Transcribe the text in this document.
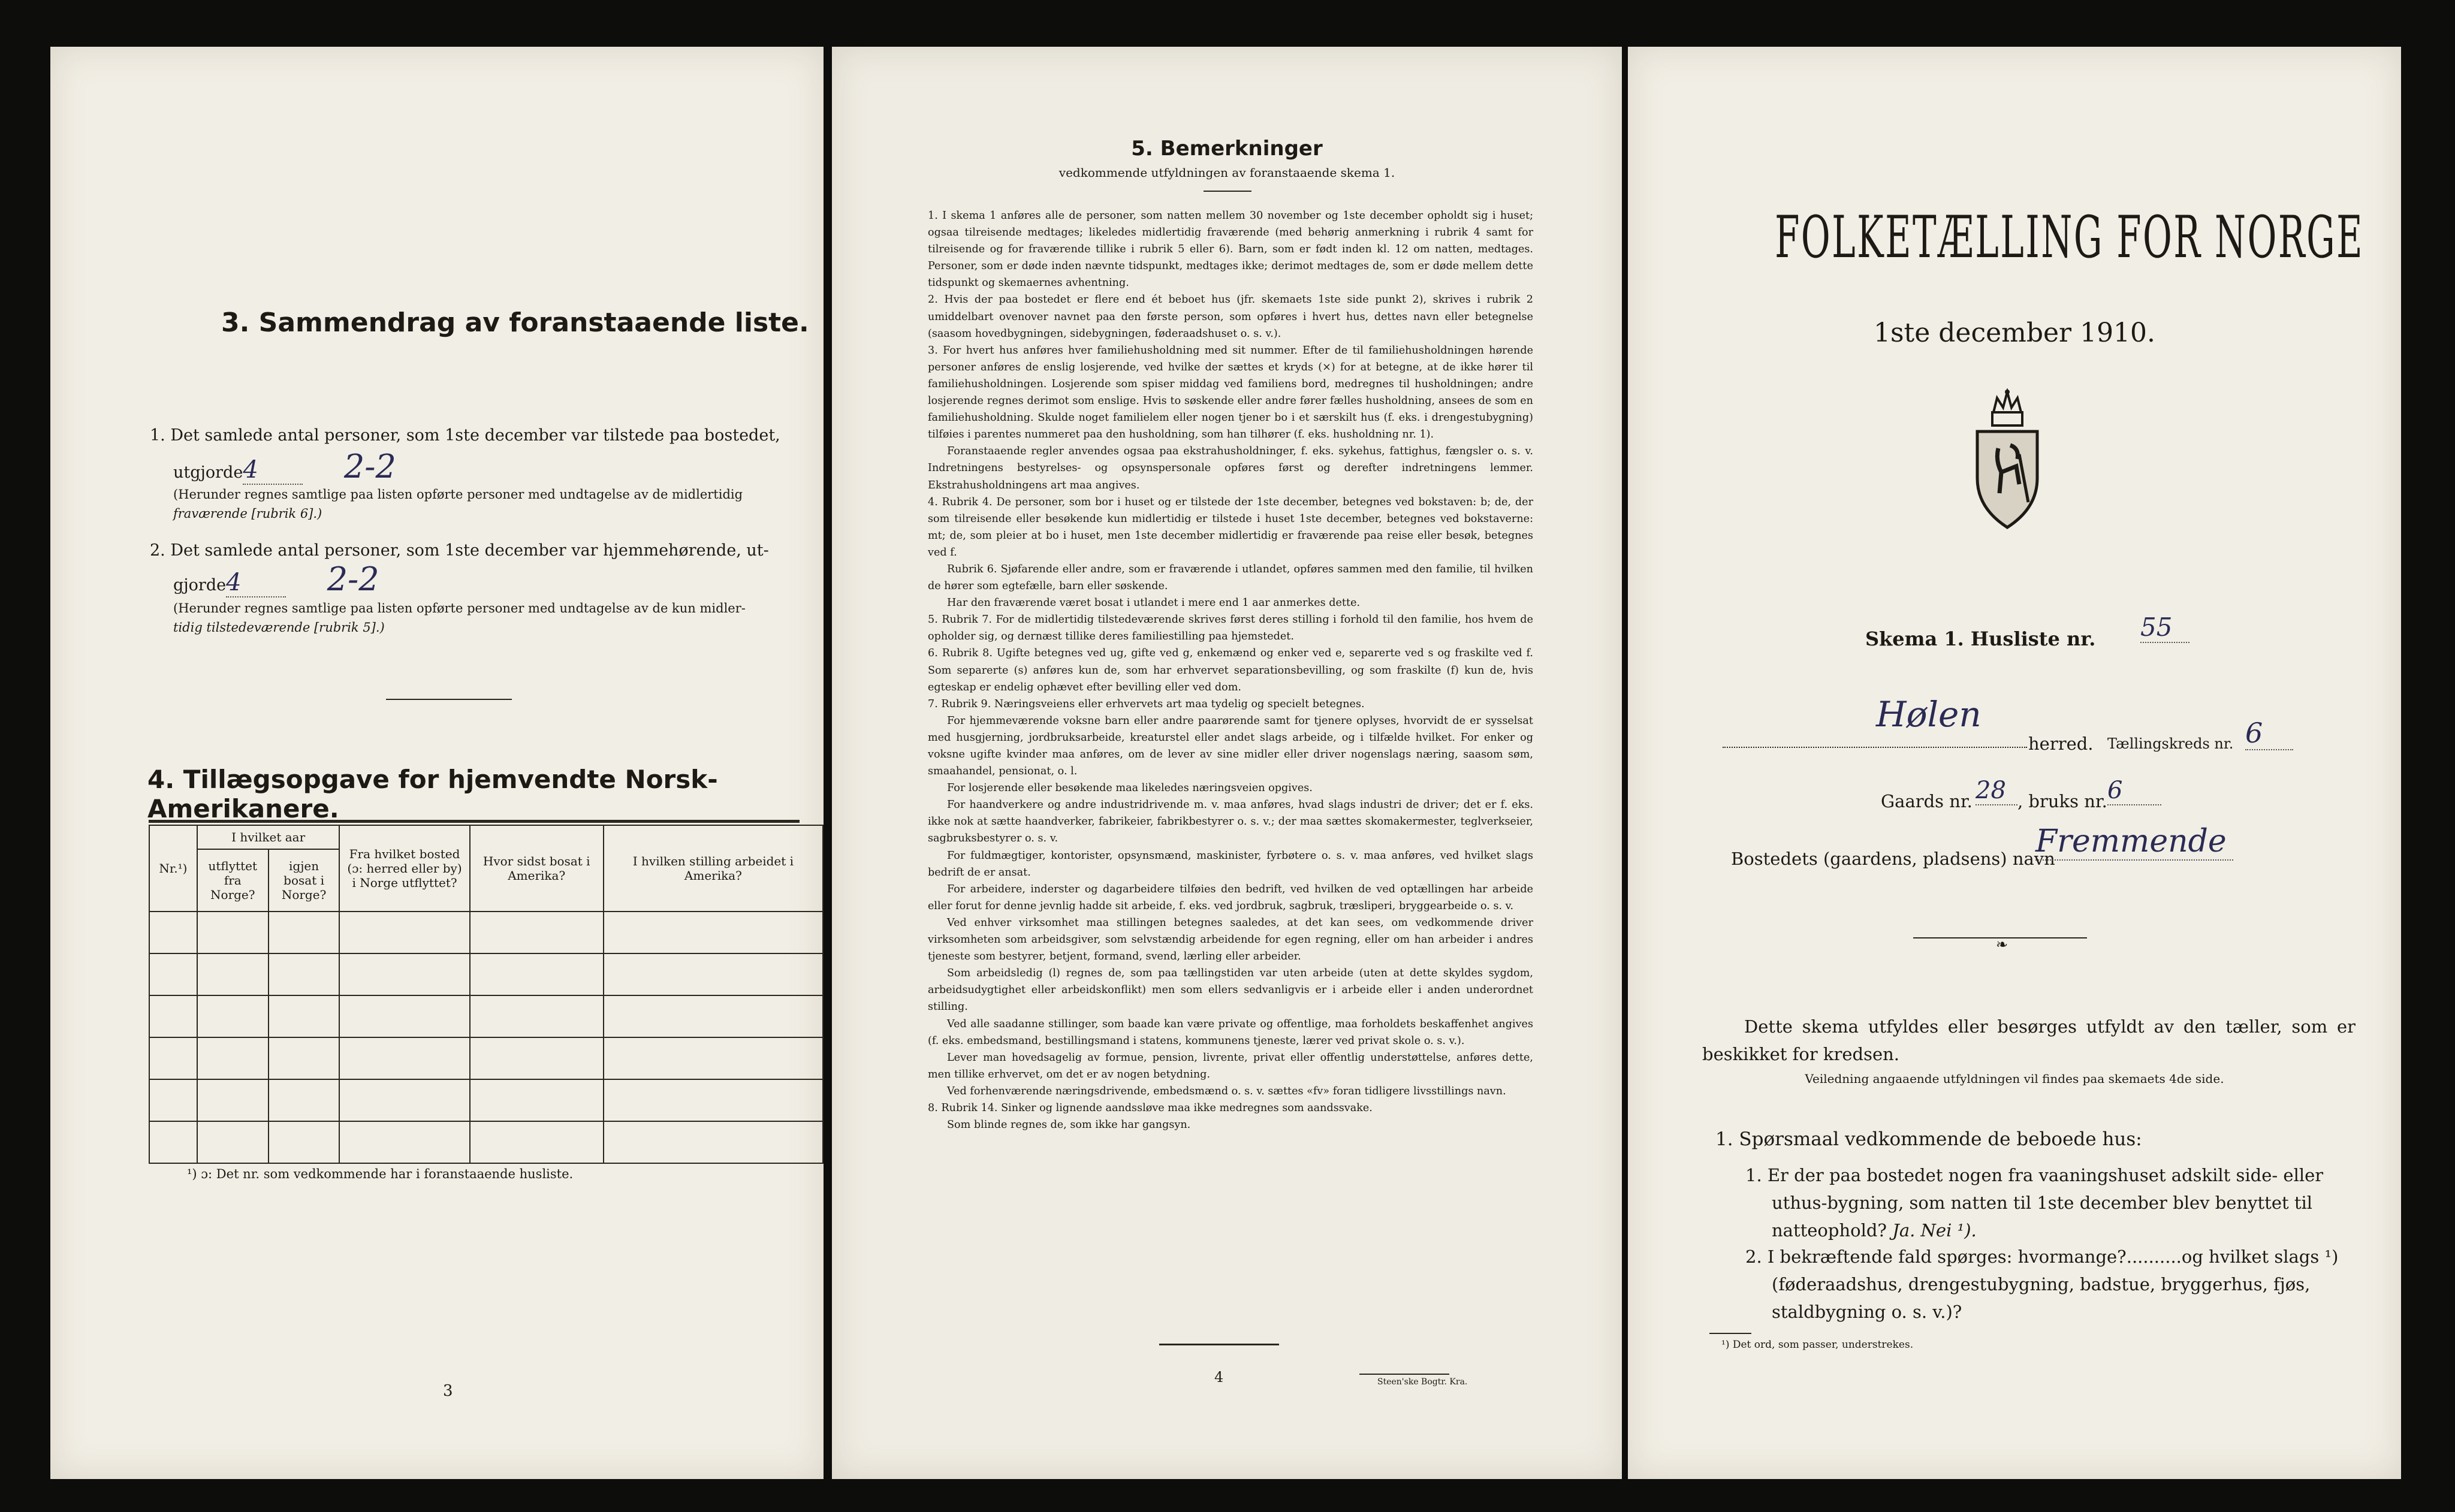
3. Sammendrag av foranstaaende liste.
1. Det samlede antal personer, som 1ste december var tilstede paa bostedet,
utgjorde4	2-2
(Herunder regnes samtlige paa listen opførte personer med undtagelse av de midlertidig
fraværende [rubrik 6].)
2. Det samlede antal personer, som 1ste december var hjemmehørende, ut-
gjorde4	2-2
(Herunder regnes samtlige paa listen opførte personer med undtagelse av de kun midler-
tidig tilstedeværende [rubrik 5].)
4. Tillægsopgave for hjemvendte Norsk-Amerikanere.
Nr.¹)	I hvilket aar		Fra hvilket bosted (ɔ: herred eller by) i Norge utflyttet?	Hvor sidst bosat i Amerika?	I hvilken stilling arbeidet i Amerika?
	utflyttet fra Norge?	igjen bosat i Norge?			

¹) ɔ: Det nr. som vedkommende har i foranstaaende husliste.
3
5. Bemerkninger
vedkommende utfyldningen av foranstaaende skema 1.

1. I skema 1 anføres alle de personer, som natten mellem 30 november og 1ste december opholdt sig i huset; ogsaa tilreisende medtages; likeledes midlertidig fraværende (med behørig anmerkning i rubrik 4 samt for tilreisende og for fraværende tillike i rubrik 5 eller 6). Barn, som er født inden kl. 12 om natten, medtages. Personer, som er døde inden nævnte tidspunkt, medtages ikke; derimot medtages de, som er døde mellem dette tidspunkt og skemaernes avhentning.

2. Hvis der paa bostedet er flere end ét beboet hus (jfr. skemaets 1ste side punkt 2), skrives i rubrik 2 umiddelbart ovenover navnet paa den første person, som opføres i hvert hus, dettes navn eller betegnelse (saasom hovedbygningen, sidebygningen, føderaadshuset o. s. v.).

3. For hvert hus anføres hver familiehusholdning med sit nummer. Efter de til familiehusholdningen hørende personer anføres de enslig losjerende, ved hvilke der sættes et kryds (×) for at betegne, at de ikke hører til familiehusholdningen. Losjerende som spiser middag ved familiens bord, medregnes til husholdningen; andre losjerende regnes derimot som enslige. Hvis to søskende eller andre fører fælles husholdning, ansees de som en familiehusholdning. Skulde noget familielem eller nogen tjener bo i et særskilt hus (f. eks. i drengestubygning) tilføies i parentes nummeret paa den husholdning, som han tilhører (f. eks. husholdning nr. 1).

Foranstaaende regler anvendes ogsaa paa ekstrahusholdninger, f. eks. sykehus, fattighus, fængsler o. s. v. Indretningens bestyrelses- og opsynspersonale opføres først og derefter indretningens lemmer. Ekstrahusholdningens art maa angives.

4. Rubrik 4. De personer, som bor i huset og er tilstede der 1ste december, betegnes ved bokstaven: b; de, der som tilreisende eller besøkende kun midlertidig er tilstede i huset 1ste december, betegnes ved bokstaverne: mt; de, som pleier at bo i huset, men 1ste december midlertidig er fraværende paa reise eller besøk, betegnes ved f.

Rubrik 6. Sjøfarende eller andre, som er fraværende i utlandet, opføres sammen med den familie, til hvilken de hører som egtefælle, barn eller søskende.

Har den fraværende været bosat i utlandet i mere end 1 aar anmerkes dette.

5. Rubrik 7. For de midlertidig tilstedeværende skrives først deres stilling i forhold til den familie, hos hvem de opholder sig, og dernæst tillike deres familiestilling paa hjemstedet.

6. Rubrik 8. Ugifte betegnes ved ug, gifte ved g, enkemænd og enker ved e, separerte ved s og fraskilte ved f. Som separerte (s) anføres kun de, som har erhvervet separationsbevilling, og som fraskilte (f) kun de, hvis egteskap er endelig ophævet efter bevilling eller ved dom.

7. Rubrik 9. Næringsveiens eller erhvervets art maa tydelig og specielt betegnes.

For hjemmeværende voksne barn eller andre paarørende samt for tjenere oplyses, hvorvidt de er sysselsat med husgjerning, jordbruksarbeide, kreaturstel eller andet slags arbeide, og i tilfælde hvilket. For enker og voksne ugifte kvinder maa anføres, om de lever av sine midler eller driver nogenslags næring, saasom søm, smaahandel, pensionat, o. l.

For losjerende eller besøkende maa likeledes næringsveien opgives.

For haandverkere og andre industridrivende m. v. maa anføres, hvad slags industri de driver; det er f. eks. ikke nok at sætte haandverker, fabrikeier, fabrikbestyrer o. s. v.; der maa sættes skomakermester, teglverkseier, sagbruksbestyrer o. s. v.

For fuldmægtiger, kontorister, opsynsmænd, maskinister, fyrbøtere o. s. v. maa anføres, ved hvilket slags bedrift de er ansat.

For arbeidere, inderster og dagarbeidere tilføies den bedrift, ved hvilken de ved optællingen har arbeide eller forut for denne jevnlig hadde sit arbeide, f. eks. ved jordbruk, sagbruk, træsliperi, bryggearbeide o. s. v.

Ved enhver virksomhet maa stillingen betegnes saaledes, at det kan sees, om vedkommende driver virksomheten som arbeidsgiver, som selvstændig arbeidende for egen regning, eller om han arbeider i andres tjeneste som bestyrer, betjent, formand, svend, lærling eller arbeider.

Som arbeidsledig (l) regnes de, som paa tællingstiden var uten arbeide (uten at dette skyldes sygdom, arbeidsudygtighet eller arbeidskonflikt) men som ellers sedvanligvis er i arbeide eller i anden underordnet stilling.

Ved alle saadanne stillinger, som baade kan være private og offentlige, maa forholdets beskaffenhet angives (f. eks. embedsmand, bestillingsmand i statens, kommunens tjeneste, lærer ved privat skole o. s. v.).

Lever man hovedsagelig av formue, pension, livrente, privat eller offentlig understøttelse, anføres dette, men tillike erhvervet, om det er av nogen betydning.

Ved forhenværende næringsdrivende, embedsmænd o. s. v. sættes «fv» foran tidligere livsstillings navn.

8. Rubrik 14. Sinker og lignende aandssløve maa ikke medregnes som aandssvake.

Som blinde regnes de, som ikke har gangsyn.

4	Steen'ske Bogtr. Kra.
FOLKETÆLLING FOR NORGE
1ste december 1910.
Skema 1. Husliste nr. 55
Hølen
herred. Tællingskreds nr. 6
Gaards nr. 28 , bruks nr. 6
Bostedets (gaardens, pladsens) navn
Fremmende
❧
Dette skema utfyldes eller besørges utfyldt av den tæller, som er beskikket for kredsen.
Veiledning angaaende utfyldningen vil findes paa skemaets 4de side.
1. Spørsmaal vedkommende de beboede hus:
1. Er der paa bostedet nogen fra vaaningshuset adskilt side- eller uthus-bygning, som natten til 1ste december blev benyttet til natteophold? Ja. Nei ¹).
2. I bekræftende fald spørges: hvormange?..........og hvilket slags ¹) (føderaadshus, drengestubygning, badstue, bryggerhus, fjøs, staldbygning o. s. v.)?
¹) Det ord, som passer, understrekes.
